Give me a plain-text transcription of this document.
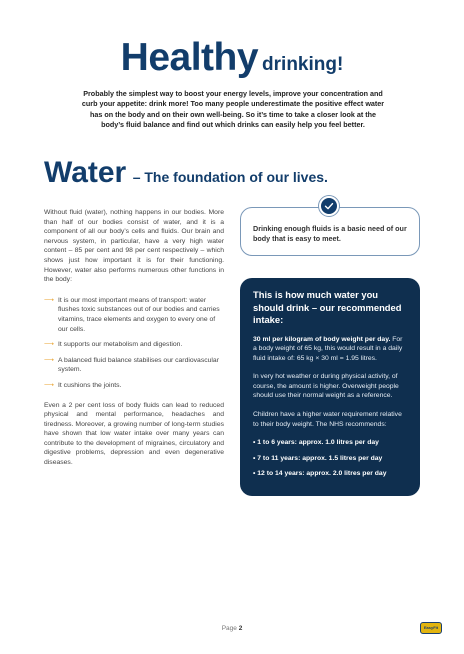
Healthy drinking!
Probably the simplest way to boost your energy levels, improve your concentration and curb your appetite: drink more! Too many people underestimate the positive effect water has on the body and on their own well-being. So it’s time to take a closer look at the body’s fluid balance and find out which drinks can easily help you feel better.
Water – The foundation of our lives.

Without fluid (water), nothing happens in our bodies. More than half of our bodies consist of water, and it is a component of all our body’s cells and fluids. Our brain and nervous system, in particular, have a very high water content – 85 per cent and 98 per cent respectively – which shows just how important it is for their functioning. However, water also performs numerous other functions in the body:

⟶ It is our most important means of transport: water flushes toxic substances out of our bodies and carries vitamins, trace elements and oxygen to every one of our cells.
⟶ It supports our metabolism and digestion.
⟶ A balanced fluid balance stabilises our cardiovascular system.
⟶ It cushions the joints.

Even a 2 per cent loss of body fluids can lead to reduced physical and mental performance, headaches and tiredness. Moreover, a growing number of long-term studies have shown that low water intake over many years can contribute to the development of migraines, circulatory and digestive problems, depression and even degenerative diseases.

Drinking enough fluids is a basic need of our body that is easy to meet.
This is how much water you should drink – our recommended intake:

30 ml per kilogram of body weight per day. For a body weight of 65 kg, this would result in a daily fluid intake of: 65 kg × 30 ml = 1.95 litres.

In very hot weather or during physical activity, of course, the amount is higher. Overweight people should use their normal weight as a reference.

Children have a higher water requirement relative to their body weight. The NHS recommends:

• 1 to 6 years: approx. 1.0 litres per day
• 7 to 11 years: approx. 1.5 litres per day
• 12 to 14 years: approx. 2.0 litres per day
Page 2	EasyFit
